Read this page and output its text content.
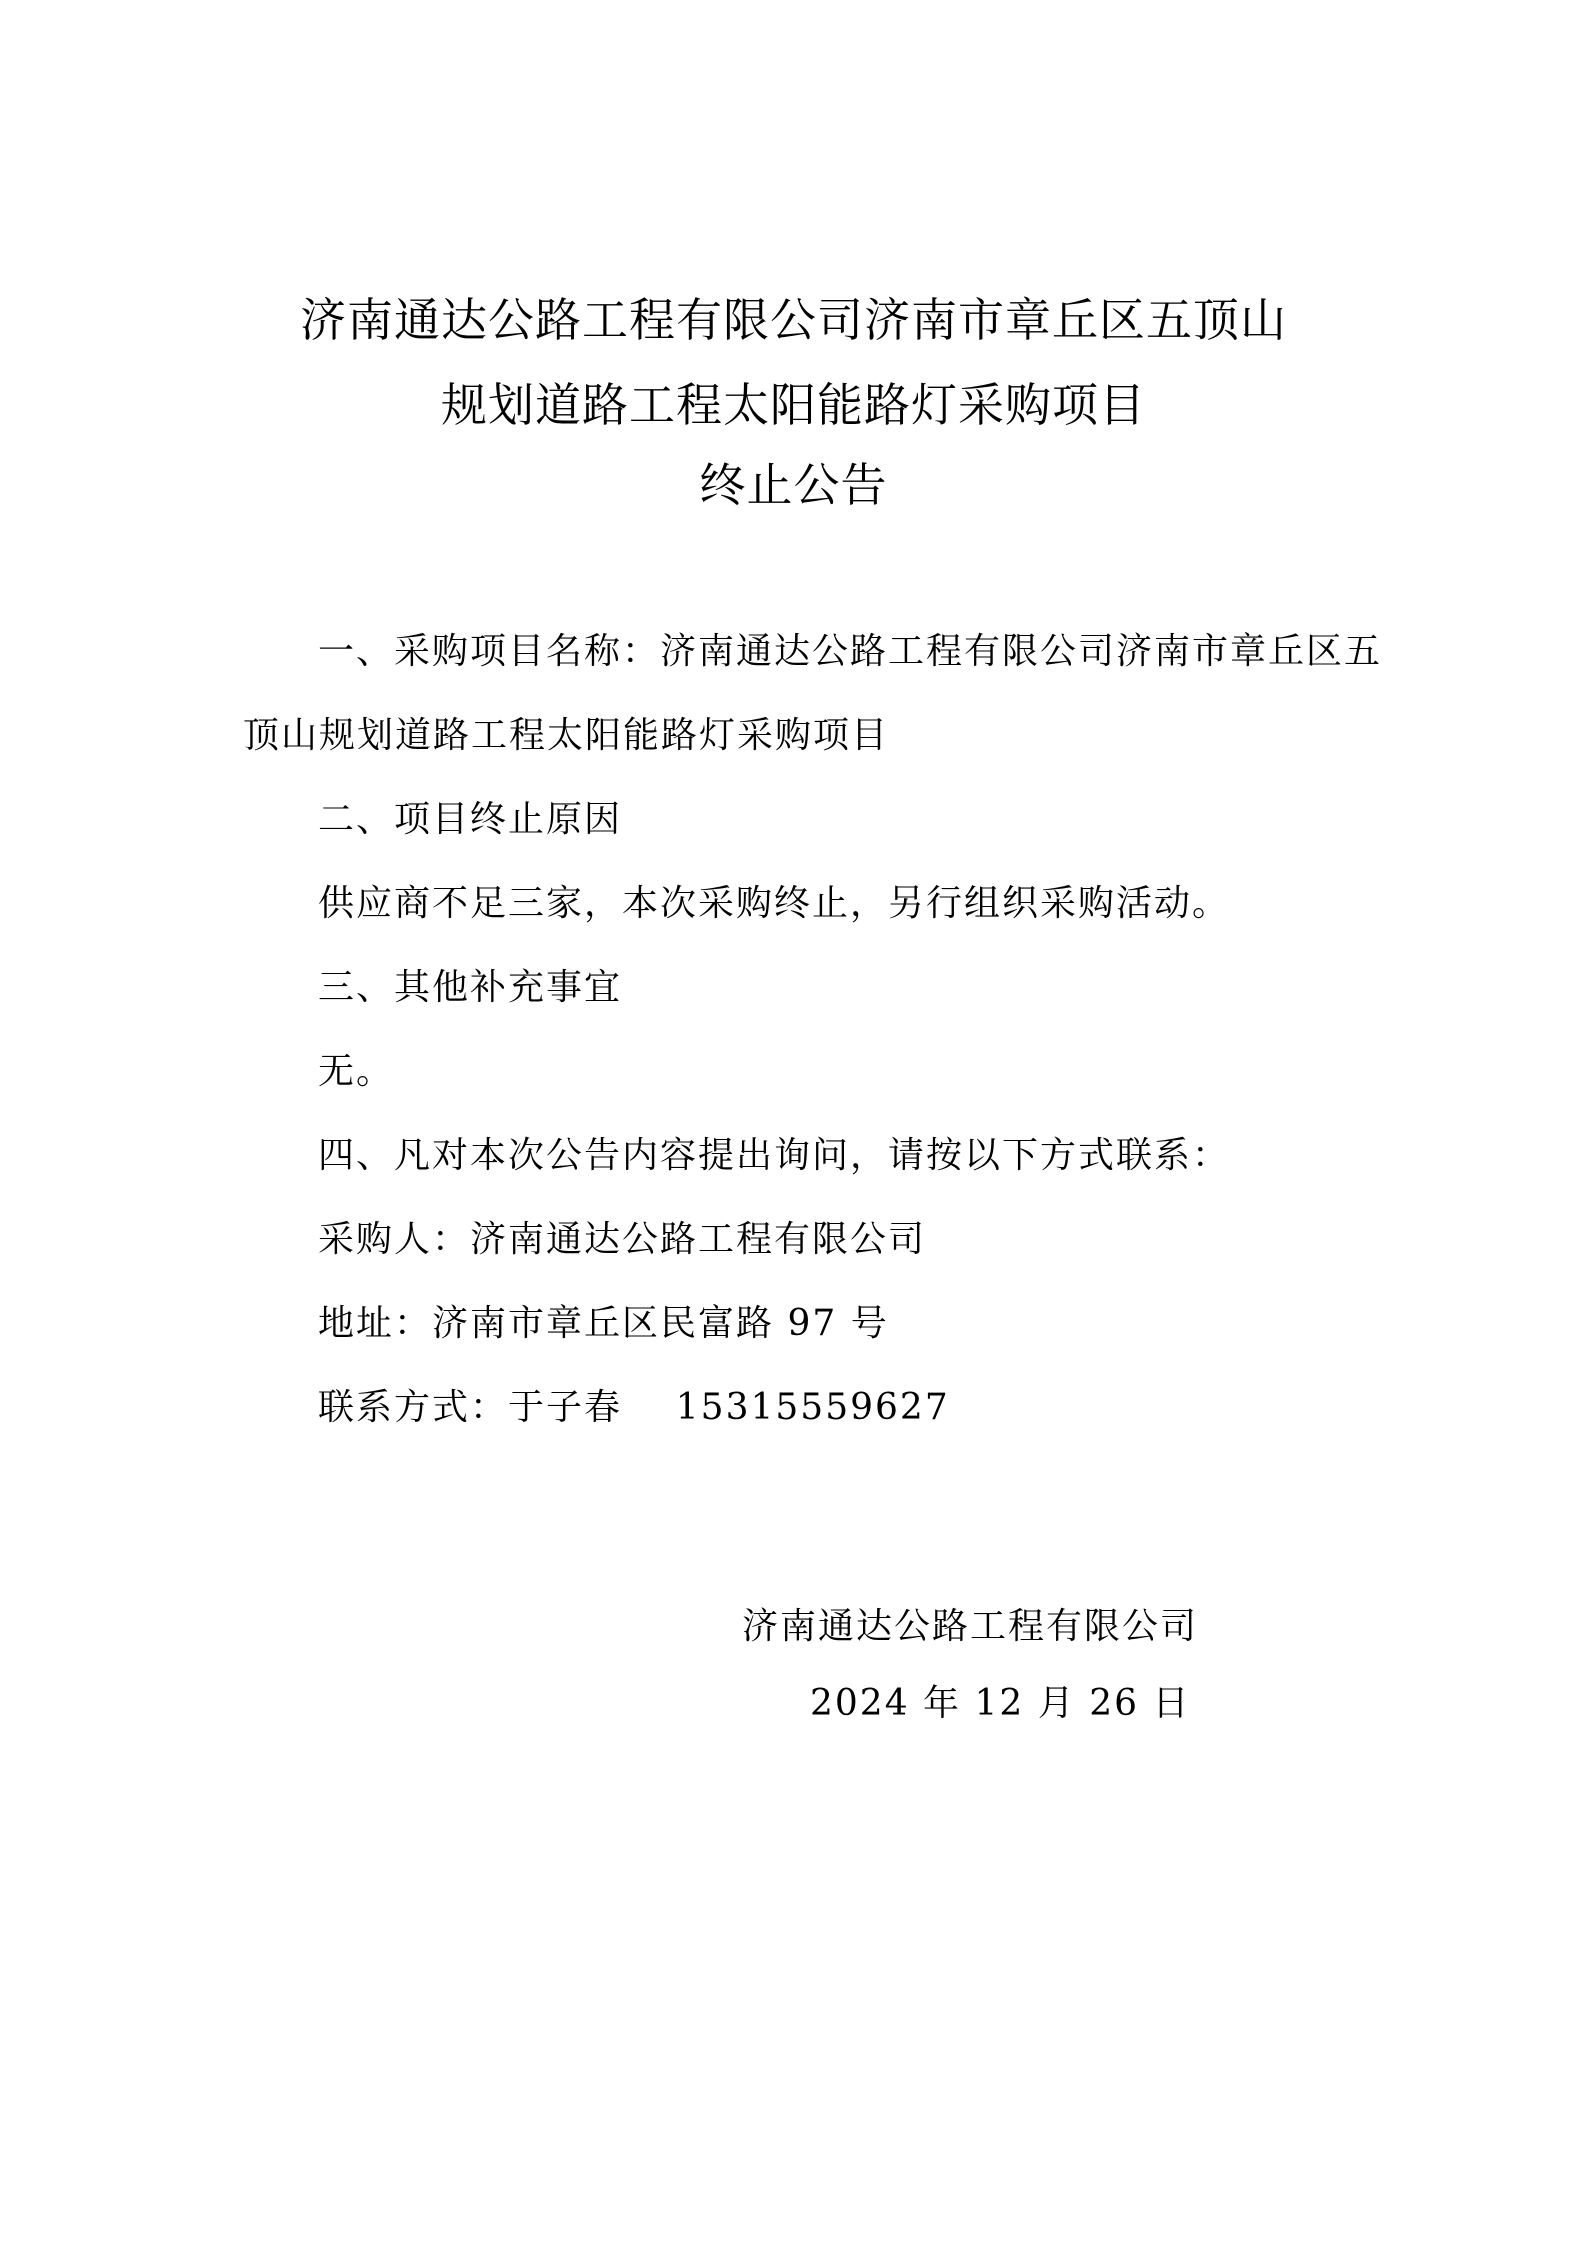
济南通达公路工程有限公司济南市章丘区五顶山
规划道路工程太阳能路灯采购项目
终止公告
一、采购项目名称：济南通达公路工程有限公司济南市章丘区五
顶山规划道路工程太阳能路灯采购项目
二、项目终止原因
供应商不足三家，本次采购终止，另行组织采购活动。
三、其他补充事宜
无。
四、凡对本次公告内容提出询问，请按以下方式联系：
采购人：济南通达公路工程有限公司
地址：济南市章丘区民富路 97 号
联系方式：于子春    15315559627
济南通达公路工程有限公司
2024 年 12 月 26 日
